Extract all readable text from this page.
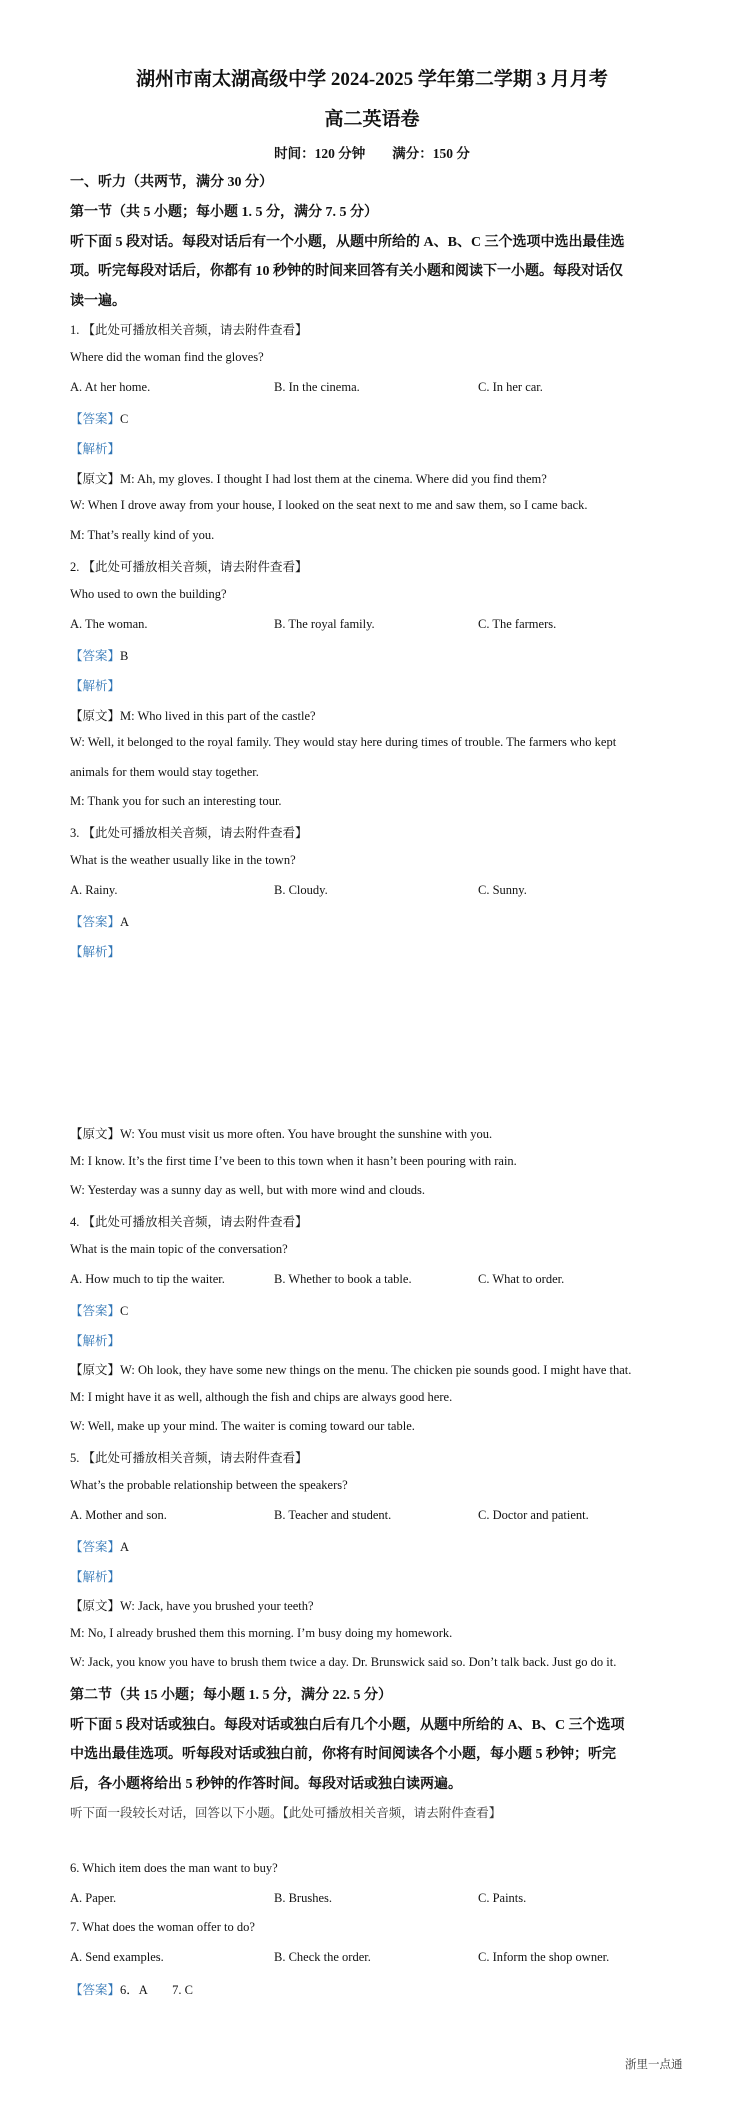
湖州市南太湖高级中学 2024-2025 学年第二学期 3 月月考
高二英语卷
时间：120 分钟　　满分：150 分
一、听力（共两节，满分 30 分）
第一节（共 5 小题；每小题 1. 5 分，满分 7. 5 分）
听下面 5 段对话。每段对话后有一个小题，从题中所给的 A、B、C 三个选项中选出最佳选
项。听完每段对话后，你都有 10 秒钟的时间来回答有关小题和阅读下一小题。每段对话仅
读一遍。
1. 【此处可播放相关音频，请去附件查看】
Where did the woman find the gloves?
A. At her home.	B. In the cinema.	C. In her car.
【答案】C
【解析】
【原文】M: Ah, my gloves. I thought I had lost them at the cinema. Where did you find them?
W: When I drove away from your house, I looked on the seat next to me and saw them, so I came back.
M: That’s really kind of you.
2. 【此处可播放相关音频，请去附件查看】
Who used to own the building?
A. The woman.	B. The royal family.	C. The farmers.
【答案】B
【解析】
【原文】M: Who lived in this part of the castle?
W: Well, it belonged to the royal family. They would stay here during times of trouble. The farmers who kept
animals for them would stay together.
M: Thank you for such an interesting tour.
3. 【此处可播放相关音频，请去附件查看】
What is the weather usually like in the town?
A. Rainy.	B. Cloudy.	C. Sunny.
【答案】A
【解析】
【原文】W: You must visit us more often. You have brought the sunshine with you.
M: I know. It’s the first time I’ve been to this town when it hasn’t been pouring with rain.
W: Yesterday was a sunny day as well, but with more wind and clouds.
4. 【此处可播放相关音频，请去附件查看】
What is the main topic of the conversation?
A. How much to tip the waiter.	B. Whether to book a table.	C. What to order.
【答案】C
【解析】
【原文】W: Oh look, they have some new things on the menu. The chicken pie sounds good. I might have that.
M: I might have it as well, although the fish and chips are always good here.
W: Well, make up your mind. The waiter is coming toward our table.
5. 【此处可播放相关音频，请去附件查看】
What’s the probable relationship between the speakers?
A. Mother and son.	B. Teacher and student.	C. Doctor and patient.
【答案】A
【解析】
【原文】W: Jack, have you brushed your teeth?
M: No, I already brushed them this morning. I’m busy doing my homework.
W: Jack, you know you have to brush them twice a day. Dr. Brunswick said so. Don’t talk back. Just go do it.
第二节（共 15 小题；每小题 1. 5 分，满分 22. 5 分）
听下面 5 段对话或独白。每段对话或独白后有几个小题，从题中所给的 A、B、C 三个选项
中选出最佳选项。听每段对话或独白前，你将有时间阅读各个小题，每小题 5 秒钟；听完
后，各小题将给出 5 秒钟的作答时间。每段对话或独白读两遍。
听下面一段较长对话，回答以下小题。【此处可播放相关音频，请去附件查看】
6. Which item does the man want to buy?
A. Paper.	B. Brushes.	C. Paints.
7. What does the woman offer to do?
A. Send examples.	B. Check the order.	C. Inform the shop owner.
【答案】6．A　　7. C
浙里一点通
